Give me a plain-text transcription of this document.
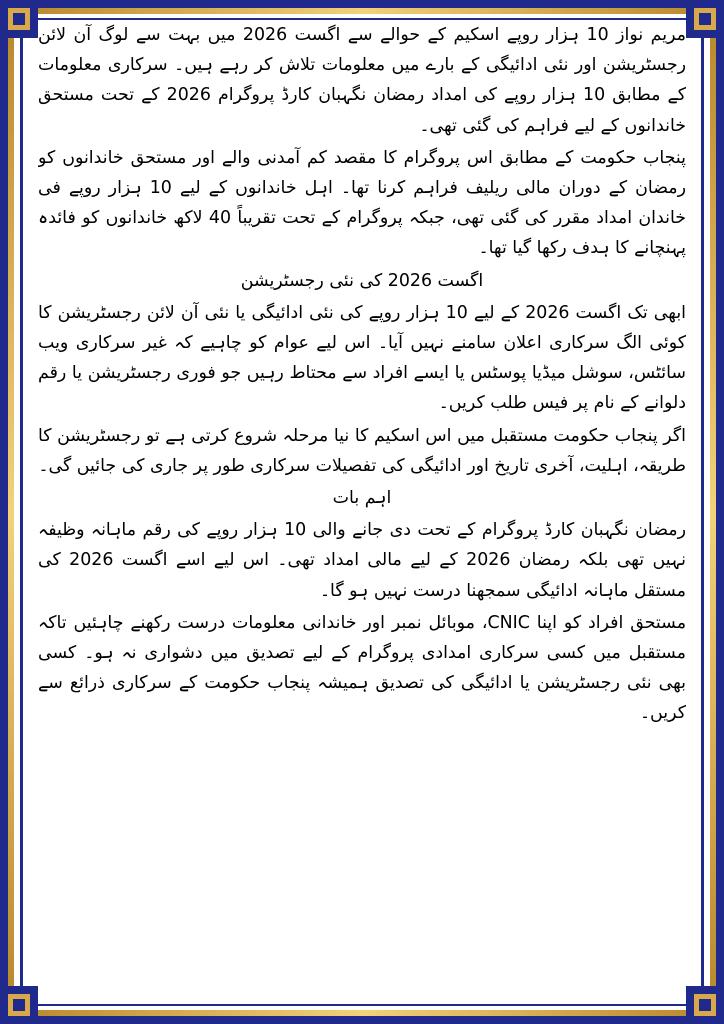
مریم نواز 10 ہزار روپے اسکیم کے حوالے سے اگست 2026 میں بہت سے لوگ آن لائن رجسٹریشن اور نئی ادائیگی کے بارے میں معلومات تلاش کر رہے ہیں۔ سرکاری معلومات کے مطابق 10 ہزار روپے کی امداد رمضان نگہبان کارڈ پروگرام 2026 کے تحت مستحق خاندانوں کے لیے فراہم کی گئی تھی۔

پنجاب حکومت کے مطابق اس پروگرام کا مقصد کم آمدنی والے اور مستحق خاندانوں کو رمضان کے دوران مالی ریلیف فراہم کرنا تھا۔ اہل خاندانوں کے لیے 10 ہزار روپے فی خاندان امداد مقرر کی گئی تھی، جبکہ پروگرام کے تحت تقریباً 40 لاکھ خاندانوں کو فائدہ پہنچانے کا ہدف رکھا گیا تھا۔

اگست 2026 کی نئی رجسٹریشن

ابھی تک اگست 2026 کے لیے 10 ہزار روپے کی نئی ادائیگی یا نئی آن لائن رجسٹریشن کا کوئی الگ سرکاری اعلان سامنے نہیں آیا۔ اس لیے عوام کو چاہیے کہ غیر سرکاری ویب سائٹس، سوشل میڈیا پوسٹس یا ایسے افراد سے محتاط رہیں جو فوری رجسٹریشن یا رقم دلوانے کے نام پر فیس طلب کریں۔

اگر پنجاب حکومت مستقبل میں اس اسکیم کا نیا مرحلہ شروع کرتی ہے تو رجسٹریشن کا طریقہ، اہلیت، آخری تاریخ اور ادائیگی کی تفصیلات سرکاری طور پر جاری کی جائیں گی۔

اہم بات

رمضان نگہبان کارڈ پروگرام کے تحت دی جانے والی 10 ہزار روپے کی رقم ماہانہ وظیفہ نہیں تھی بلکہ رمضان 2026 کے لیے مالی امداد تھی۔ اس لیے اسے اگست 2026 کی مستقل ماہانہ ادائیگی سمجھنا درست نہیں ہو گا۔

مستحق افراد کو اپنا CNIC، موبائل نمبر اور خاندانی معلومات درست رکھنے چاہئیں تاکہ مستقبل میں کسی سرکاری امدادی پروگرام کے لیے تصدیق میں دشواری نہ ہو۔ کسی بھی نئی رجسٹریشن یا ادائیگی کی تصدیق ہمیشہ پنجاب حکومت کے سرکاری ذرائع سے کریں۔
